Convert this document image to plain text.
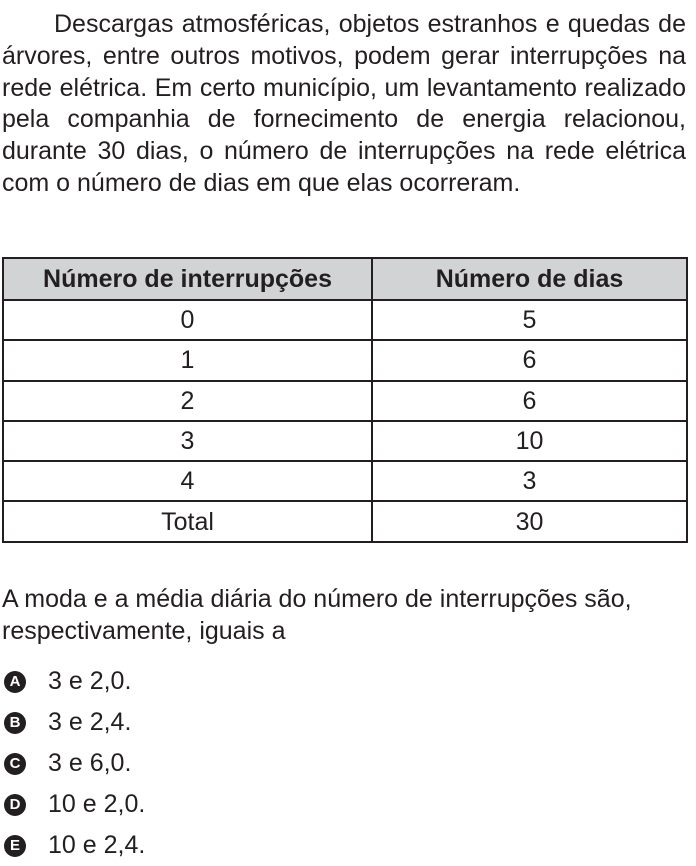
Descargas atmosféricas, objetos estranhos e quedas de árvores, entre outros motivos, podem gerar interrupções na rede elétrica. Em certo município, um levantamento realizado pela companhia de fornecimento de energia relacionou, durante 30 dias, o número de interrupções na rede elétrica com o número de dias em que elas ocorreram.

Número de interrupções	Número de dias
0	5
1	6
2	6
3	10
4	3
Total	30

A moda e a média diária do número de interrupções são, respectivamente, iguais a

A 3 e 2,0.
B 3 e 2,4.
C 3 e 6,0.
D 10 e 2,0.
E 10 e 2,4.
